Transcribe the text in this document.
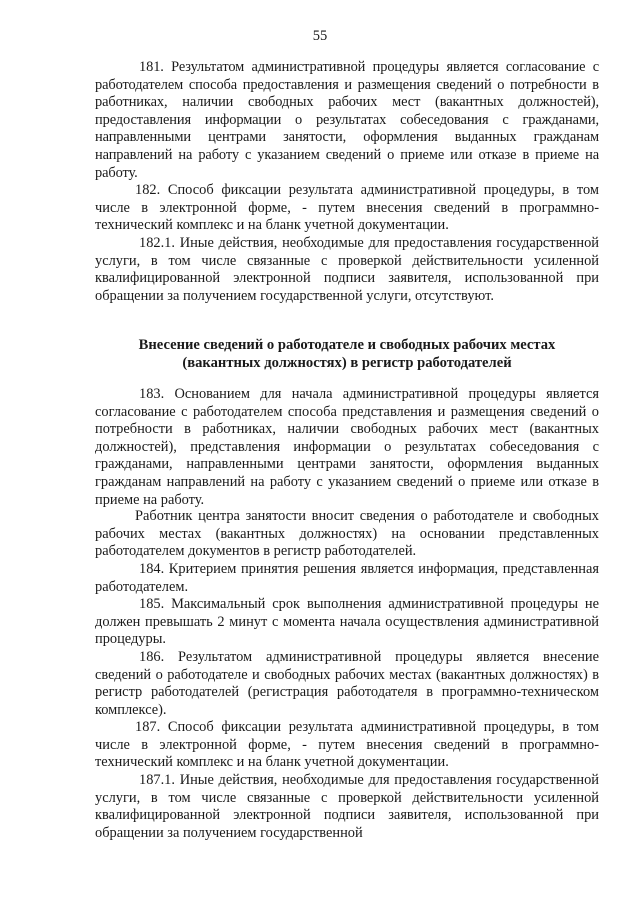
55

181. Результатом административной процедуры является согласование с работодателем способа предоставления и размещения сведений о потребности в работниках, наличии свободных рабочих мест (вакантных должностей), предоставления информации о результатах собеседования с гражданами, направленными центрами занятости, оформления выданных гражданам направлений на работу с указанием сведений о приеме или отказе в приеме на работу.

182. Способ фиксации результата административной процедуры, в том числе в электронной форме, - путем внесения сведений в программно-технический комплекс и на бланк учетной документации.

182.1. Иные действия, необходимые для предоставления государственной услуги, в том числе связанные с проверкой действительности усиленной квалифицированной электронной подписи заявителя, использованной при обращении за получением государственной услуги, отсутствуют.

Внесение сведений о работодателе и свободных рабочих местах
(вакантных должностях) в регистр работодателей

183. Основанием для начала административной процедуры является согласование с работодателем способа представления и размещения сведений о потребности в работниках, наличии свободных рабочих мест (вакантных должностей), представления информации о результатах собеседования с гражданами, направленными центрами занятости, оформления выданных гражданам направлений на работу с указанием сведений о приеме или отказе в приеме на работу.

Работник центра занятости вносит сведения о работодателе и свободных рабочих местах (вакантных должностях) на основании представленных работодателем документов в регистр работодателей.

184. Критерием принятия решения является информация, представленная работодателем.

185. Максимальный срок выполнения административной процедуры не должен превышать 2 минут с момента начала осуществления административной процедуры.

186. Результатом административной процедуры является внесение сведений о работодателе и свободных рабочих местах (вакантных должностях) в регистр работодателей (регистрация работодателя в программно-техническом комплексе).

187. Способ фиксации результата административной процедуры, в том числе в электронной форме, - путем внесения сведений в программно-технический комплекс и на бланк учетной документации.

187.1. Иные действия, необходимые для предоставления государственной услуги, в том числе связанные с проверкой действительности усиленной квалифицированной электронной подписи заявителя, использованной при обращении за получением государственной
